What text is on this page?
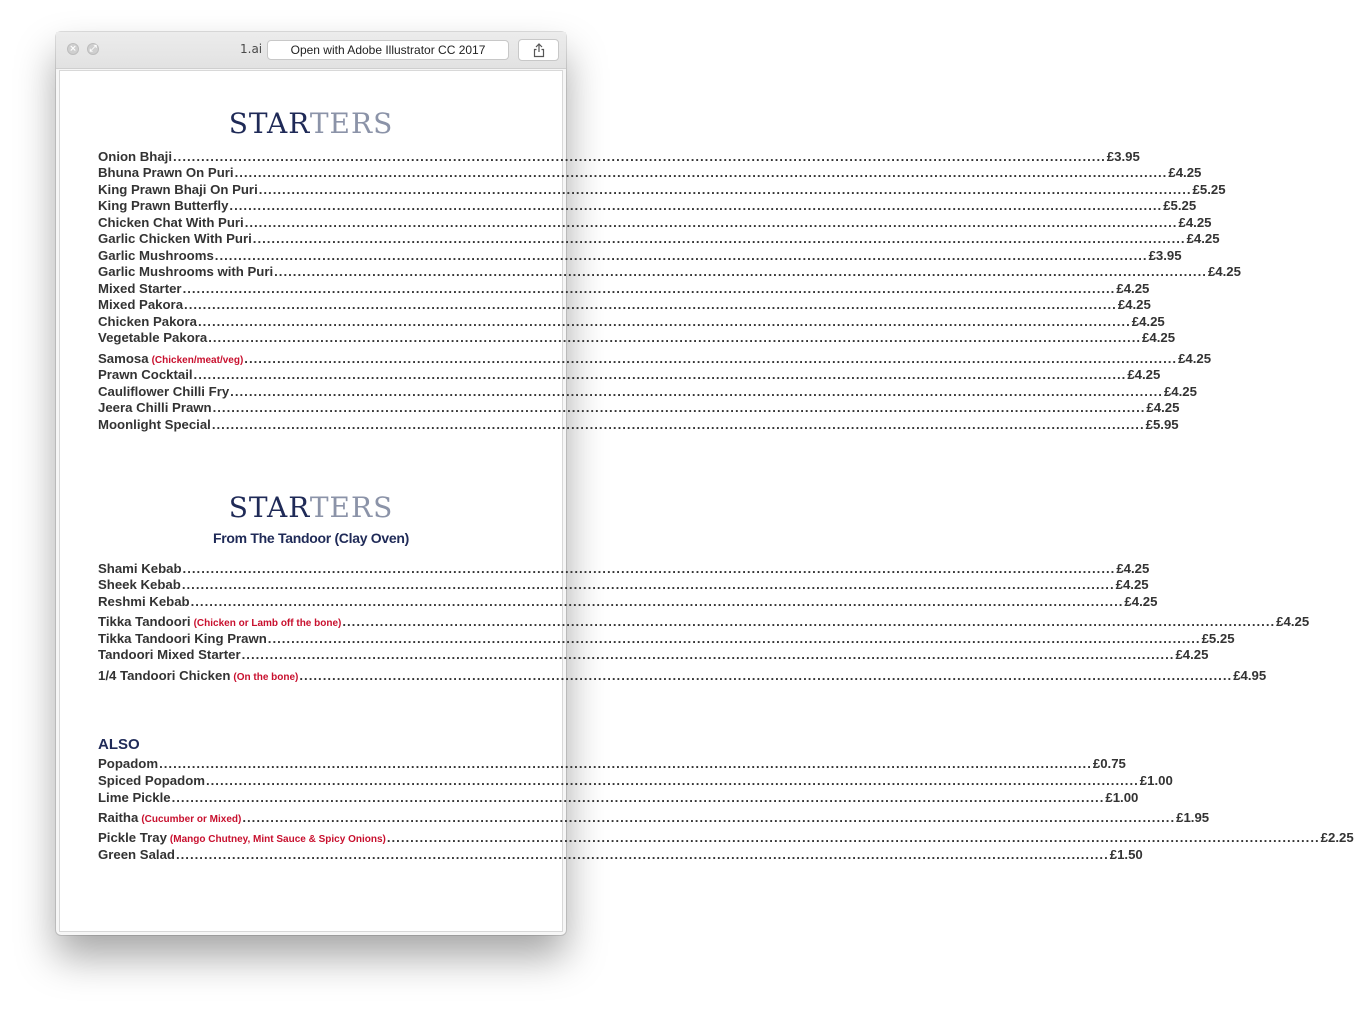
× ⤢	1.ai	Open with Adobe Illustrator CC 2017
STARTERS
Onion Bhaji ........................................................................................................................................................................................................ £3.95
Bhuna Prawn On Puri ........................................................................................................................................................................................................ £4.25
King Prawn Bhaji On Puri ........................................................................................................................................................................................................ £5.25
King Prawn Butterfly ........................................................................................................................................................................................................ £5.25
Chicken Chat With Puri ........................................................................................................................................................................................................ £4.25
Garlic Chicken With Puri ........................................................................................................................................................................................................ £4.25
Garlic Mushrooms ........................................................................................................................................................................................................ £3.95
Garlic Mushrooms with Puri ........................................................................................................................................................................................................ £4.25
Mixed Starter ........................................................................................................................................................................................................ £4.25
Mixed Pakora ........................................................................................................................................................................................................ £4.25
Chicken Pakora ........................................................................................................................................................................................................ £4.25
Vegetable Pakora ........................................................................................................................................................................................................ £4.25
Samosa (Chicken/meat/veg) ........................................................................................................................................................................................................ £4.25
Prawn Cocktail ........................................................................................................................................................................................................ £4.25
Cauliflower Chilli Fry ........................................................................................................................................................................................................ £4.25
Jeera Chilli Prawn ........................................................................................................................................................................................................ £4.25
Moonlight Special ........................................................................................................................................................................................................ £5.95
STARTERS
From The Tandoor (Clay Oven)
Shami Kebab ........................................................................................................................................................................................................ £4.25
Sheek Kebab ........................................................................................................................................................................................................ £4.25
Reshmi Kebab ........................................................................................................................................................................................................ £4.25
Tikka Tandoori (Chicken or Lamb off the bone) ........................................................................................................................................................................................................ £4.25
Tikka Tandoori King Prawn ........................................................................................................................................................................................................ £5.25
Tandoori Mixed Starter ........................................................................................................................................................................................................ £4.25
1/4 Tandoori Chicken (On the bone) ........................................................................................................................................................................................................ £4.95
ALSO
Popadom ........................................................................................................................................................................................................ £0.75
Spiced Popadom ........................................................................................................................................................................................................ £1.00
Lime Pickle ........................................................................................................................................................................................................ £1.00
Raitha (Cucumber or Mixed) ........................................................................................................................................................................................................ £1.95
Pickle Tray (Mango Chutney, Mint Sauce & Spicy Onions) ........................................................................................................................................................................................................ £2.25
Green Salad ........................................................................................................................................................................................................ £1.50
